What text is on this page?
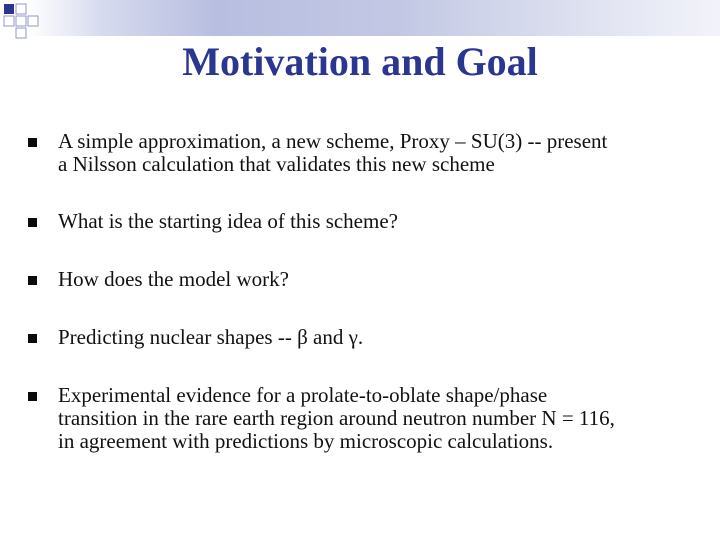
Motivation and Goal
A simple approximation, a new scheme, Proxy – SU(3) -- present
a Nilsson calculation that validates this new scheme
What is the starting idea of this scheme?
How does the model work?
Predicting nuclear shapes -- β and γ.
Experimental evidence for a prolate-to-oblate shape/phase
transition in the rare earth region around neutron number N = 116,
in agreement with predictions by microscopic calculations.
